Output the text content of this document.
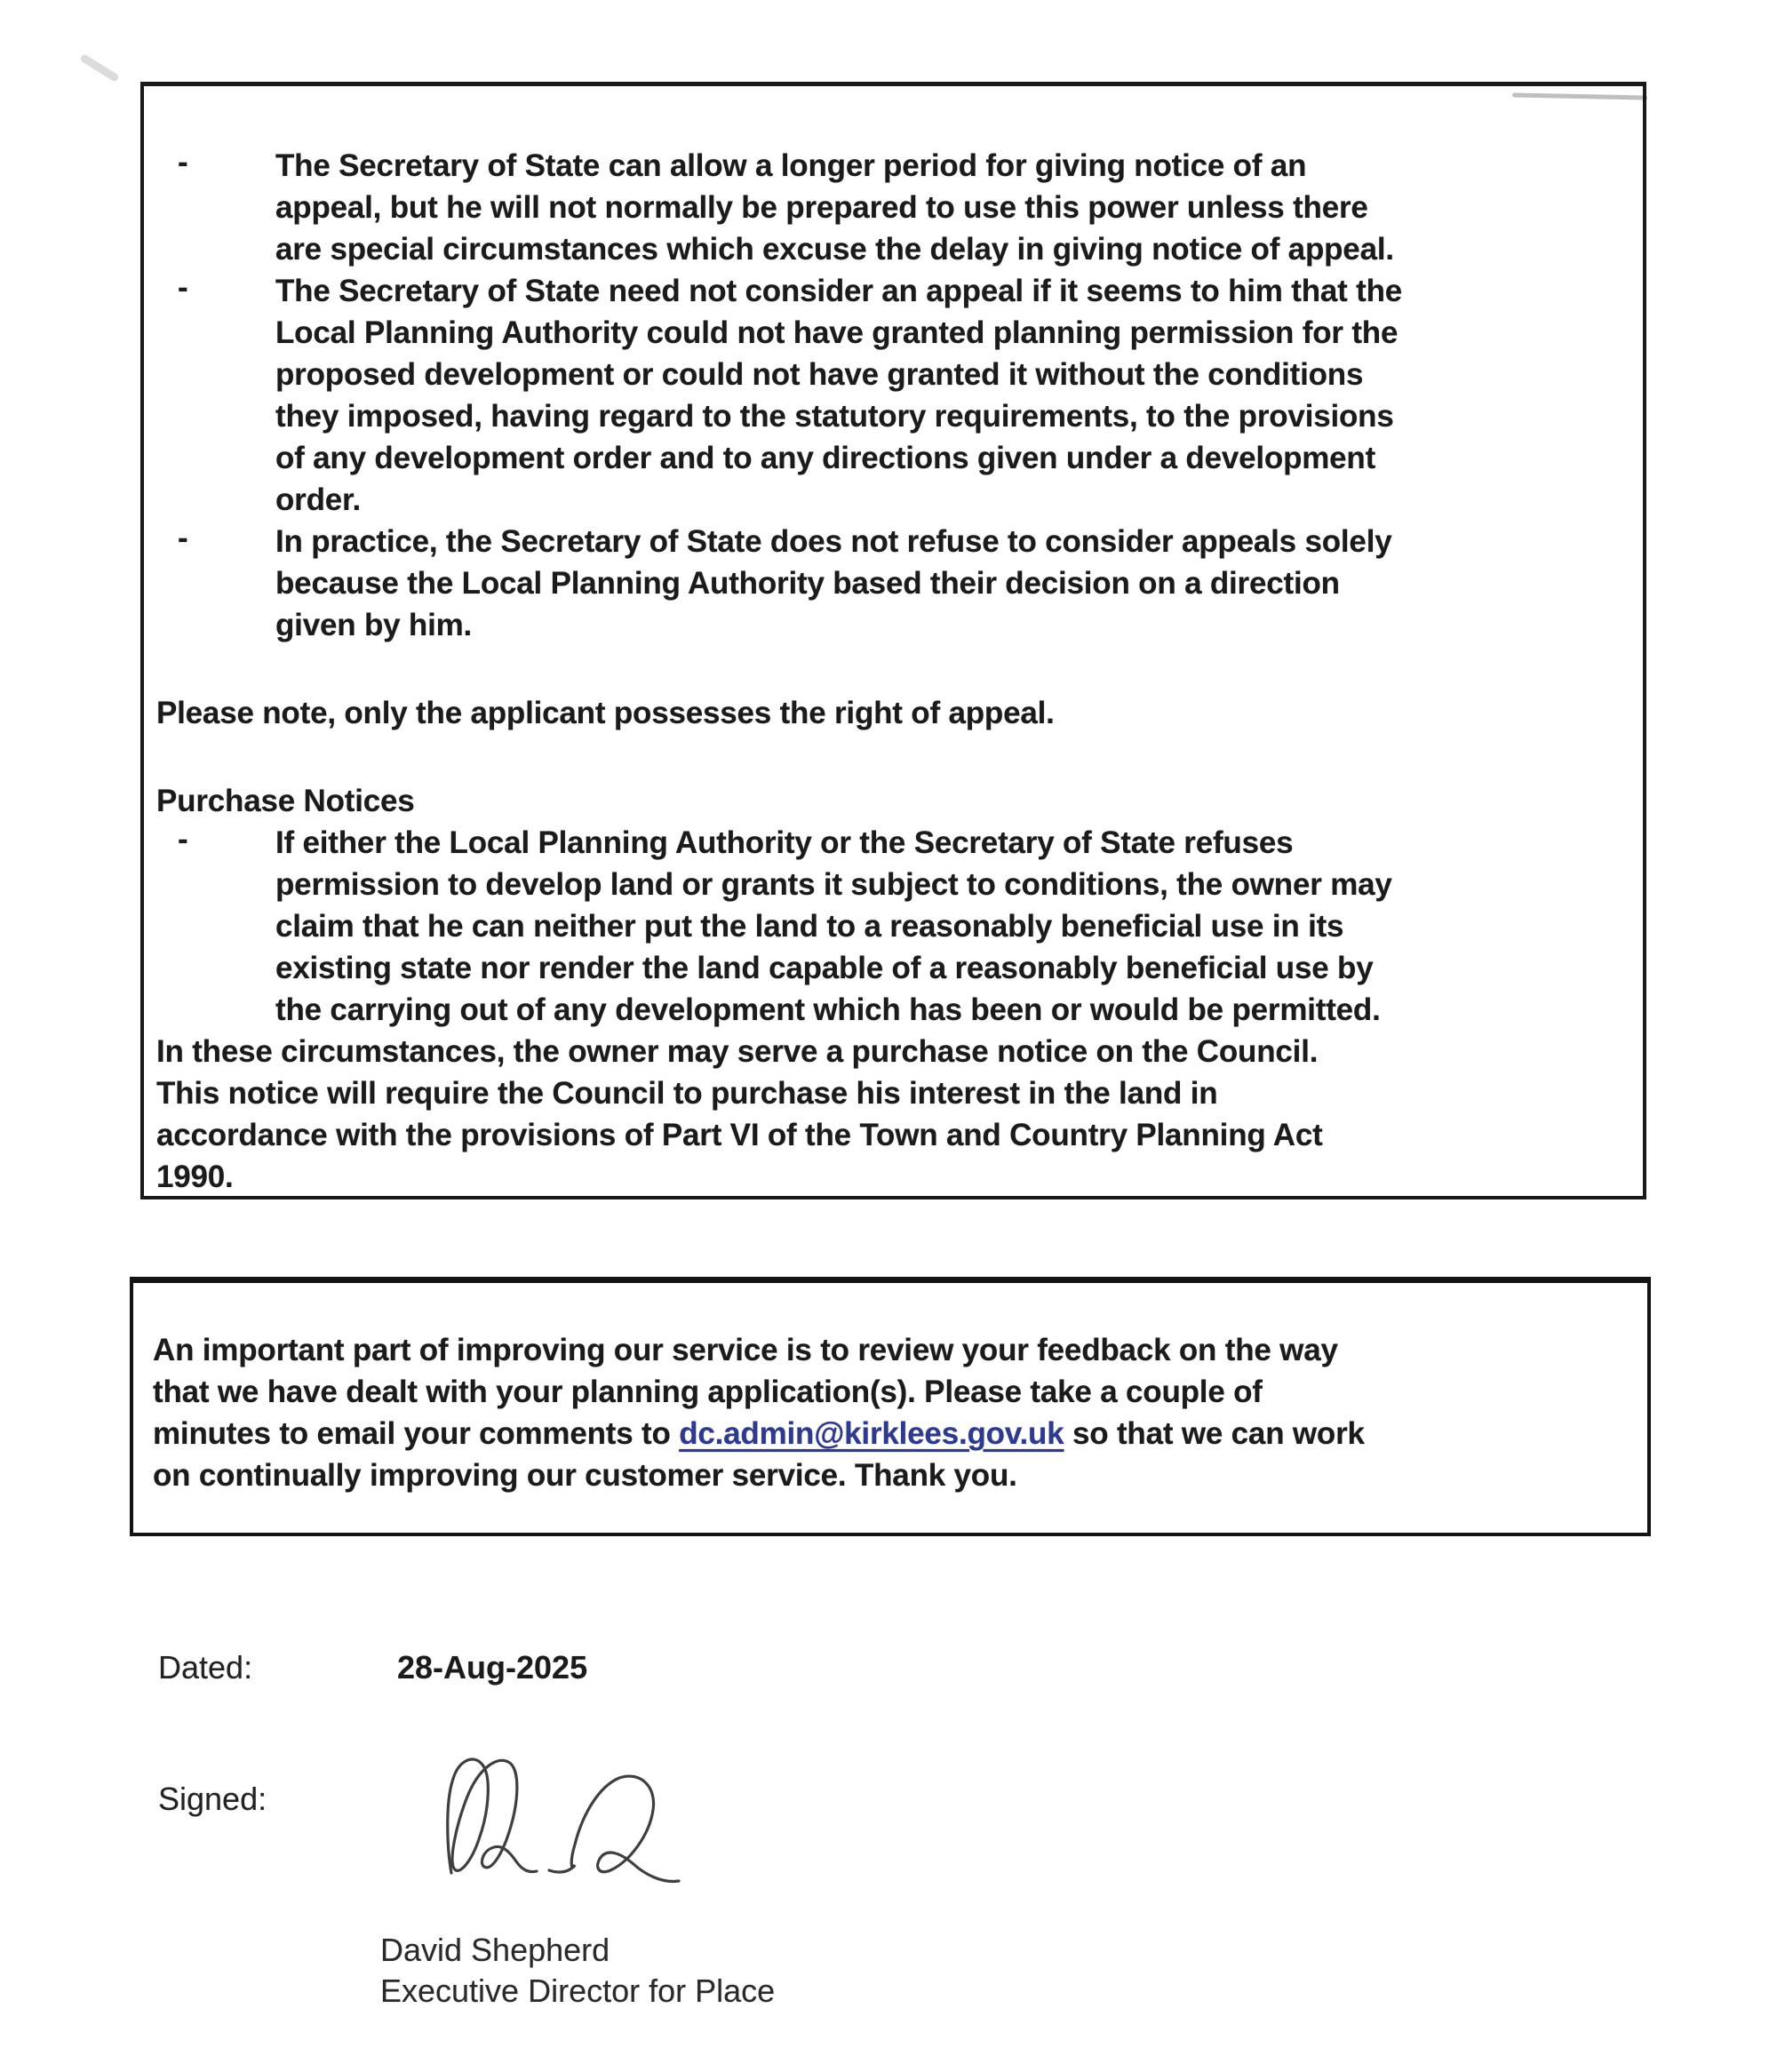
-	The Secretary of State can allow a longer period for giving notice of an
appeal, but he will not normally be prepared to use this power unless there
are special circumstances which excuse the delay in giving notice of appeal.
-	The Secretary of State need not consider an appeal if it seems to him that the
Local Planning Authority could not have granted planning permission for the
proposed development or could not have granted it without the conditions
they imposed, having regard to the statutory requirements, to the provisions
of any development order and to any directions given under a development
order.
-	In practice, the Secretary of State does not refuse to consider appeals solely
because the Local Planning Authority based their decision on a direction
given by him.
Please note, only the applicant possesses the right of appeal.
Purchase Notices
-	If either the Local Planning Authority or the Secretary of State refuses
permission to develop land or grants it subject to conditions, the owner may
claim that he can neither put the land to a reasonably beneficial use in its
existing state nor render the land capable of a reasonably beneficial use by
the carrying out of any development which has been or would be permitted.
In these circumstances, the owner may serve a purchase notice on the Council.
This notice will require the Council to purchase his interest in the land in
accordance with the provisions of Part VI of the Town and Country Planning Act
1990.
An important part of improving our service is to review your feedback on the way
that we have dealt with your planning application(s). Please take a couple of
minutes to email your comments to dc.admin@kirklees.gov.uk so that we can work
on continually improving our customer service. Thank you.
Dated:	28-Aug-2025
Signed:
David Shepherd
Executive Director for Place
